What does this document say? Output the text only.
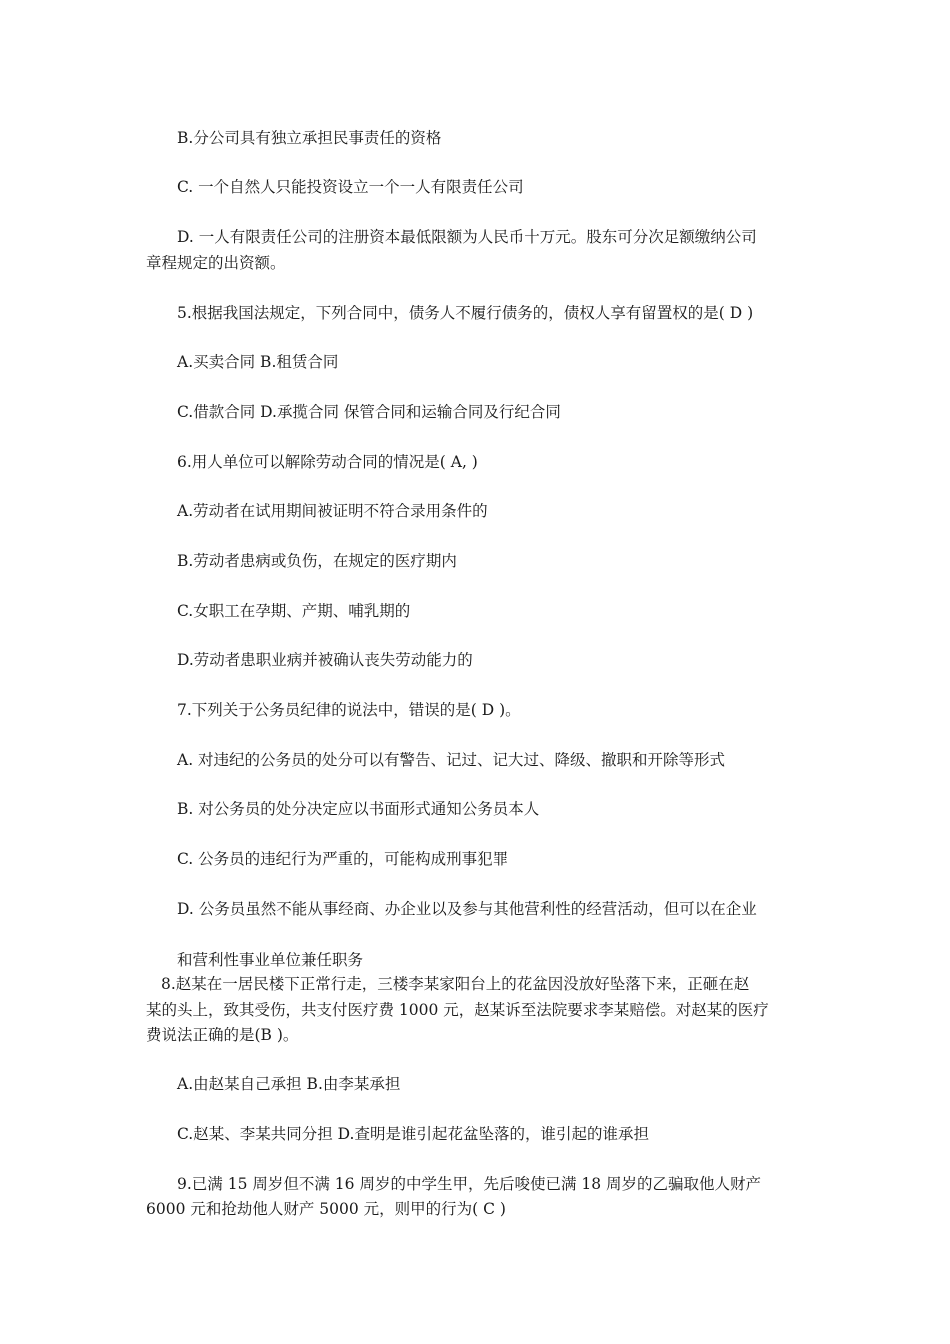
B.分公司具有独立承担民事责任的资格
C. 一个自然人只能投资设立一个一人有限责任公司
D. 一人有限责任公司的注册资本最低限额为人民币十万元。股东可分次足额缴纳公司
章程规定的出资额。
5.根据我国法规定，下列合同中，债务人不履行债务的，债权人享有留置权的是( D )
A.买卖合同 B.租赁合同
C.借款合同 D.承揽合同 保管合同和运输合同及行纪合同
6.用人单位可以解除劳动合同的情况是( A, )
A.劳动者在试用期间被证明不符合录用条件的
B.劳动者患病或负伤，在规定的医疗期内
C.女职工在孕期、产期、哺乳期的
D.劳动者患职业病并被确认丧失劳动能力的
7.下列关于公务员纪律的说法中，错误的是( D )。
A. 对违纪的公务员的处分可以有警告、记过、记大过、降级、撤职和开除等形式
B. 对公务员的处分决定应以书面形式通知公务员本人
C. 公务员的违纪行为严重的，可能构成刑事犯罪
D. 公务员虽然不能从事经商、办企业以及参与其他营利性的经营活动，但可以在企业
和营利性事业单位兼任职务
8.赵某在一居民楼下正常行走，三楼李某家阳台上的花盆因没放好坠落下来，正砸在赵
某的头上，致其受伤，共支付医疗费 1000 元，赵某诉至法院要求李某赔偿。对赵某的医疗
费说法正确的是(B )。
A.由赵某自己承担 B.由李某承担
C.赵某、李某共同分担 D.查明是谁引起花盆坠落的，谁引起的谁承担
9.已满 15 周岁但不满 16 周岁的中学生甲，先后唆使已满 18 周岁的乙骗取他人财产
6000 元和抢劫他人财产 5000 元，则甲的行为( C )
